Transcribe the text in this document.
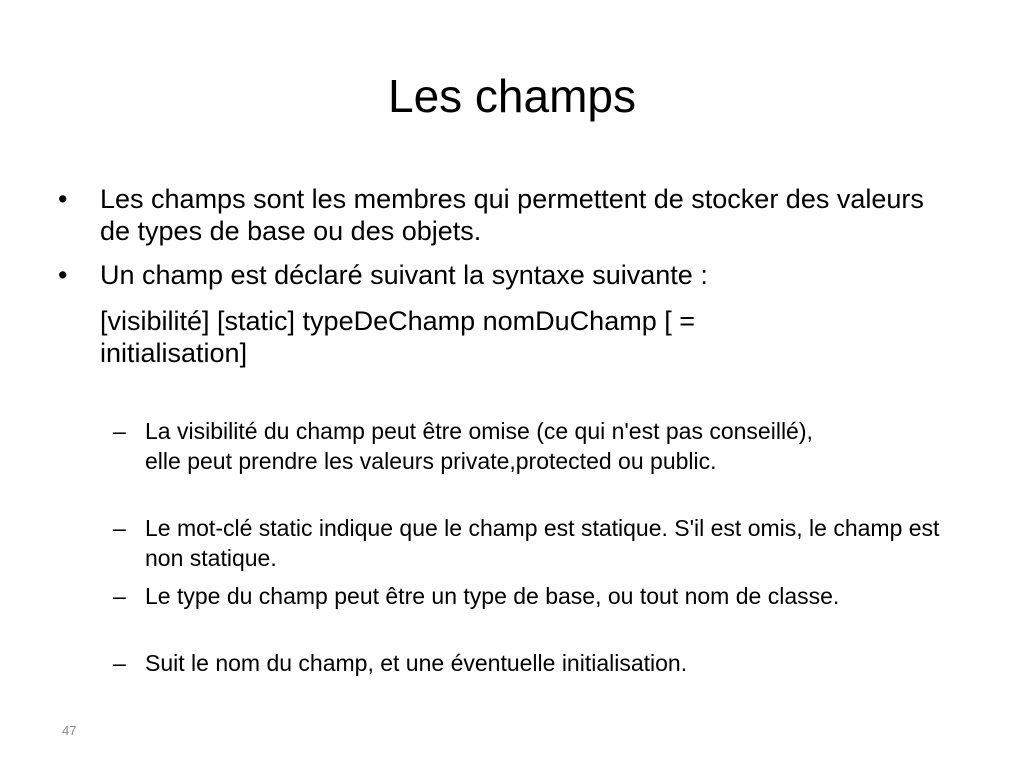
Les champs
• Les champs sont les membres qui permettent de stocker des valeurs de types de base ou des objets.
• Un champ est déclaré suivant la syntaxe suivante :
[visibilité] [static] typeDeChamp nomDuChamp [ = initialisation]
– La visibilité du champ peut être omise (ce qui n'est pas conseillé), elle peut prendre les valeurs private,protected ou public.
– Le mot-clé static indique que le champ est statique. S'il est omis, le champ est non statique.
– Le type du champ peut être un type de base, ou tout nom de classe.
– Suit le nom du champ, et une éventuelle initialisation.
47
